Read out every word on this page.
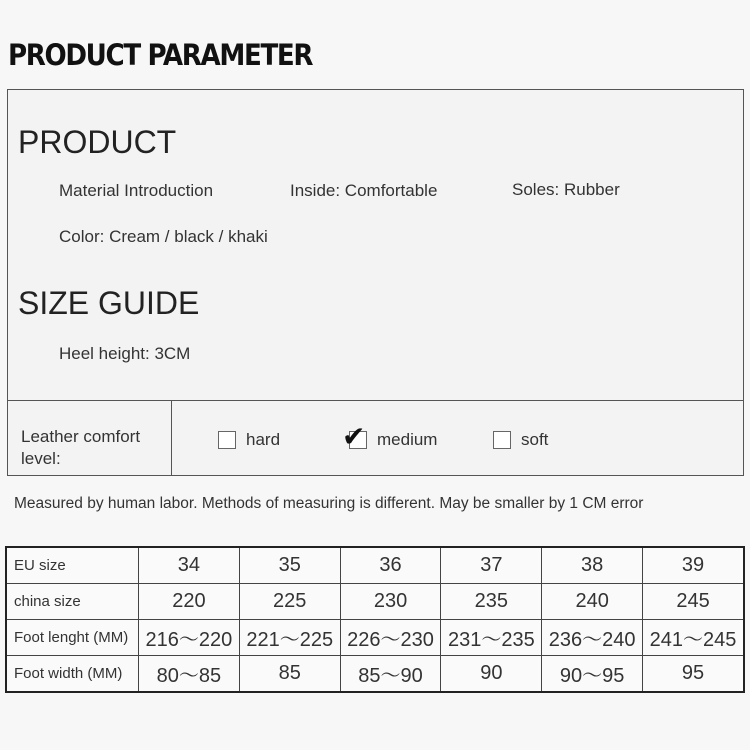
PRODUCT PARAMETER
PRODUCT
Material Introduction	Inside: Comfortable	Soles: Rubber
Color: Cream / black / khaki
SIZE GUIDE
Heel height: 3CM
Leather comfort level:
hard ✔ medium	soft
Measured by human labor. Methods of measuring is different. May be smaller by 1 CM error
EU size	34	35	36	37	38	39
china size	220	225	230	235	240	245
Foot lenght (MM)	216～220	221～225	226～230	231～235	236～240	241～245
Foot width (MM)	80～85	85	85～90	90	90～95	95
